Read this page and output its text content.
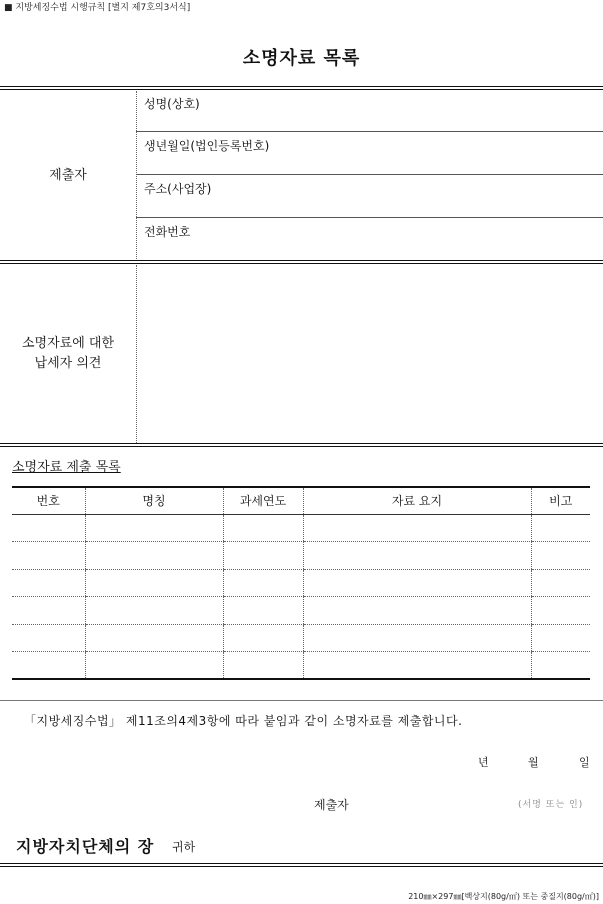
■ 지방세징수법 시행규칙 [별지 제7호의3서식]
소명자료 목록
제출자
성명(상호)
생년월일(법인등록번호)
주소(사업장)
전화번호
소명자료에 대한
납세자 의견
소명자료 제출 목록
번호	명칭	과세연도	자료 요지	비고

「지방세징수법」 제11조의4제3항에 따라 붙임과 같이 소명자료를 제출합니다.
년	월	일
제출자	(서명 또는 인)
지방자치단체의 장 귀하
210㎜×297㎜[백상지(80g/㎡) 또는 중질지(80g/㎡)]
